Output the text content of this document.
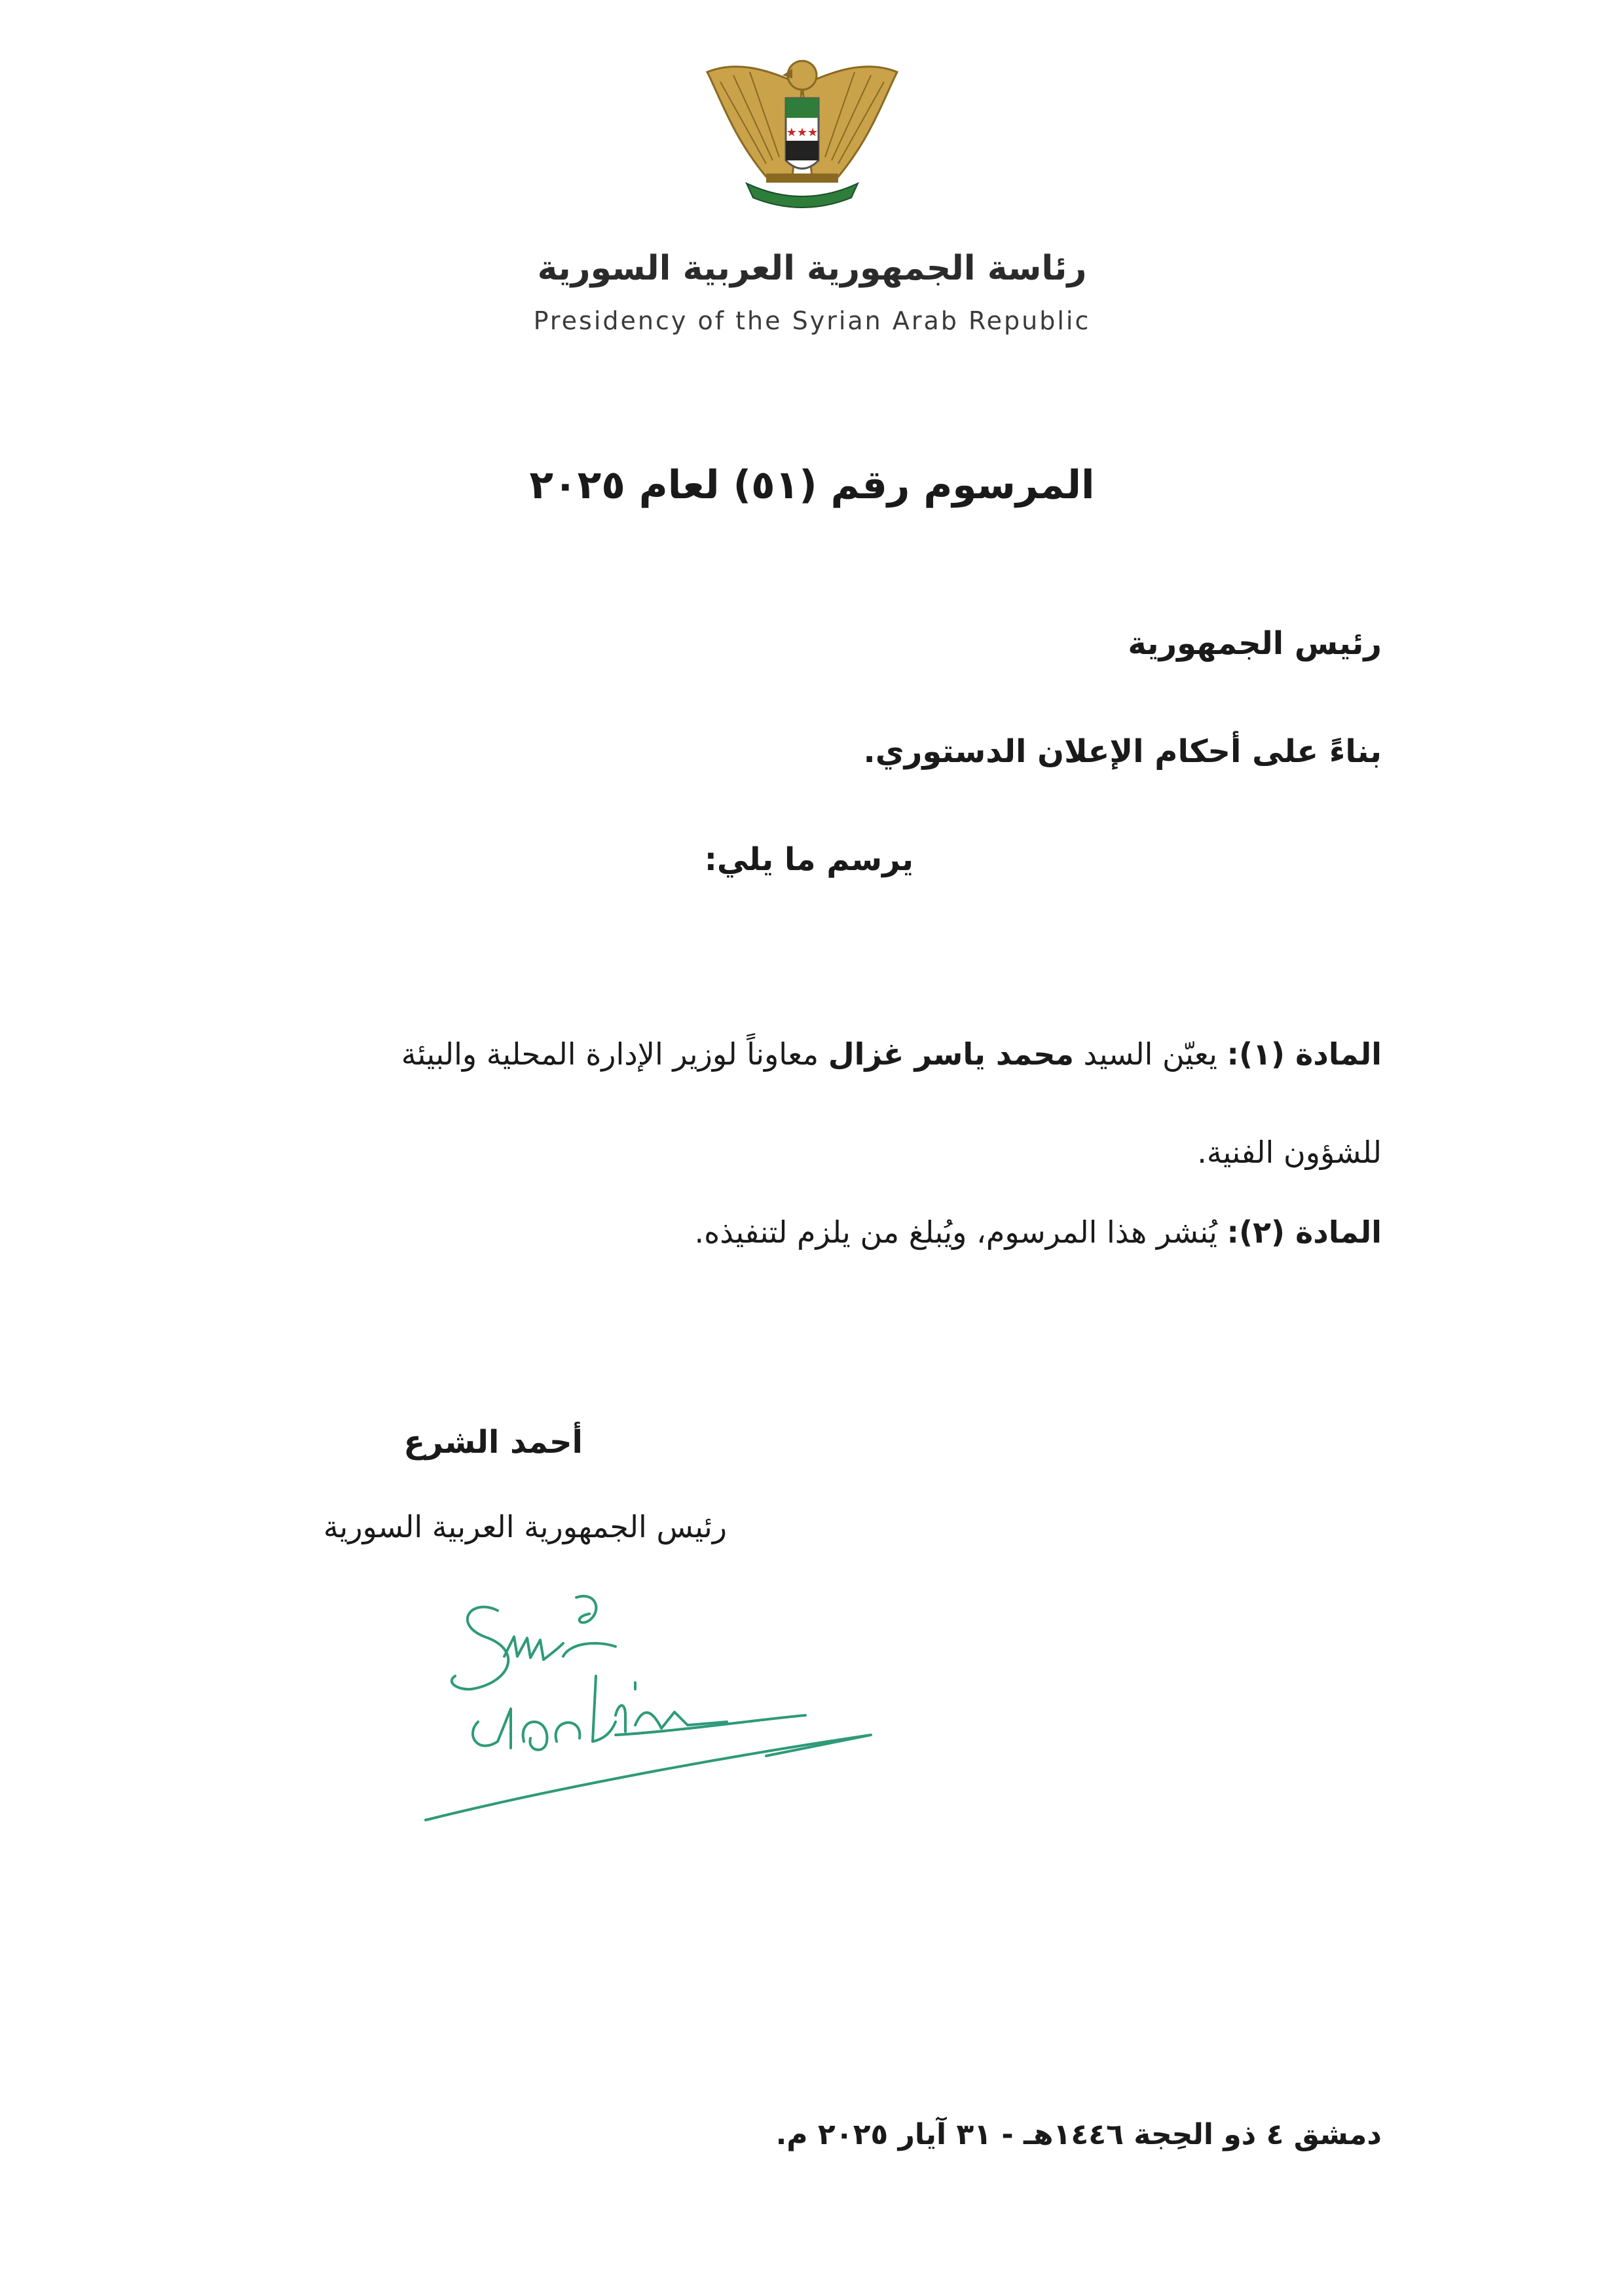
★★★
رئاسة الجمهورية العربية السورية
Presidency of the Syrian Arab Republic
المرسوم رقم (٥١) لعام ٢٠٢٥
رئيس الجمهورية
بناءً على أحكام الإعلان الدستوري.
يرسم ما يلي:
المادة (١): يعيّن السيد محمد ياسر غزال معاوناً لوزير الإدارة المحلية والبيئة
للشؤون الفنية.
المادة (٢): يُنشر هذا المرسوم، ويُبلغ من يلزم لتنفيذه.
أحمد الشرع
رئيس الجمهورية العربية السورية
دمشق ٤ ذو الحِجة ١٤٤٦هـ - ٣١ آيار ٢٠٢٥ م.
